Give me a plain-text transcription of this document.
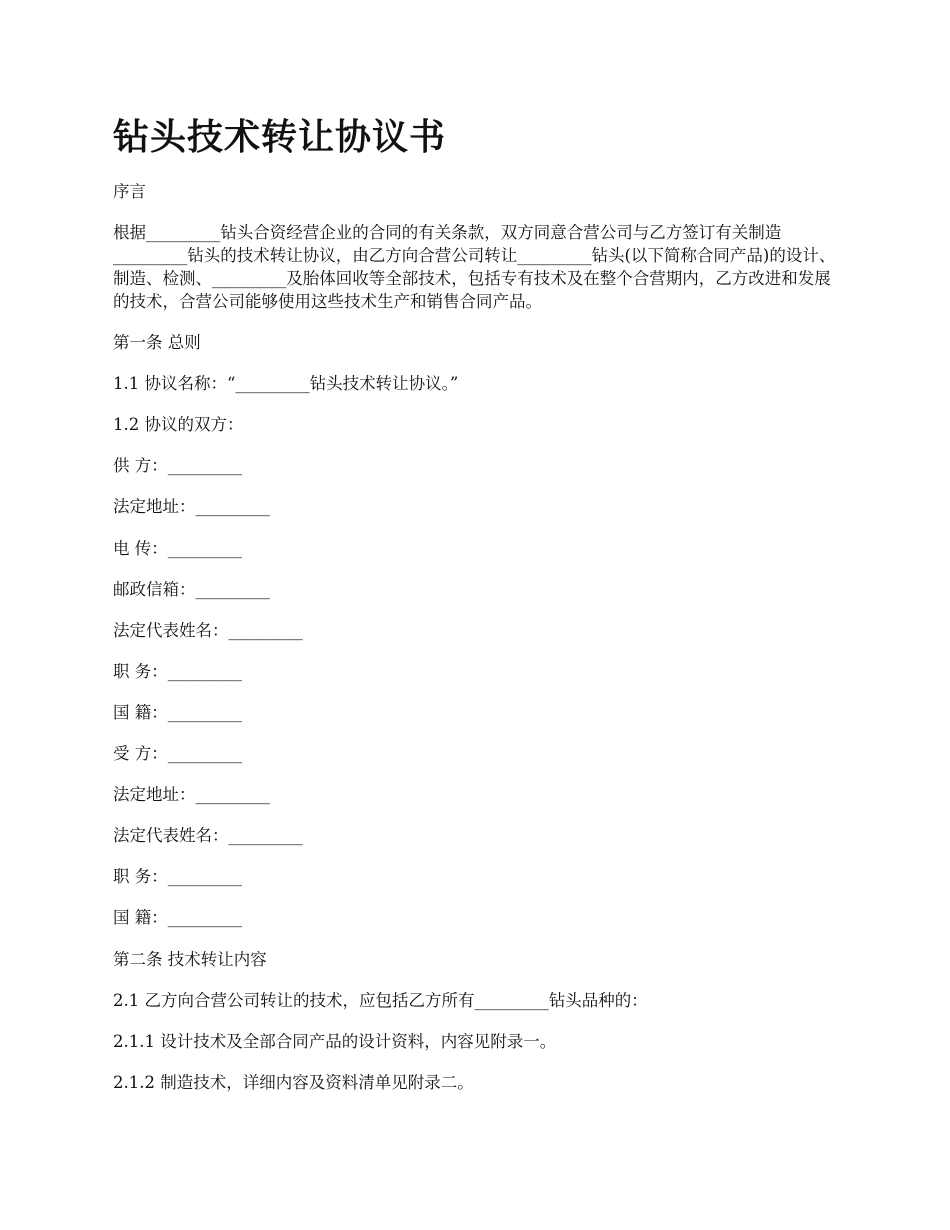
钻头技术转让协议书

序言

根据_________钻头合资经营企业的合同的有关条款，双方同意合营公司与乙方签订有关制造_________钻头的技术转让协议，由乙方向合营公司转让_________钻头(以下简称合同产品)的设计、制造、检测、_________及胎体回收等全部技术，包括专有技术及在整个合营期内，乙方改进和发展的技术，合营公司能够使用这些技术生产和销售合同产品。

第一条 总则

1.1 协议名称：“_________钻头技术转让协议。”

1.2 协议的双方：

供 方：_________

法定地址：_________

电 传：_________

邮政信箱：_________

法定代表姓名：_________

职 务：_________

国 籍：_________

受 方：_________

法定地址：_________

法定代表姓名：_________

职 务：_________

国 籍：_________

第二条 技术转让内容

2.1 乙方向合营公司转让的技术，应包括乙方所有_________钻头品种的：

2.1.1 设计技术及全部合同产品的设计资料，内容见附录一。

2.1.2 制造技术，详细内容及资料清单见附录二。
